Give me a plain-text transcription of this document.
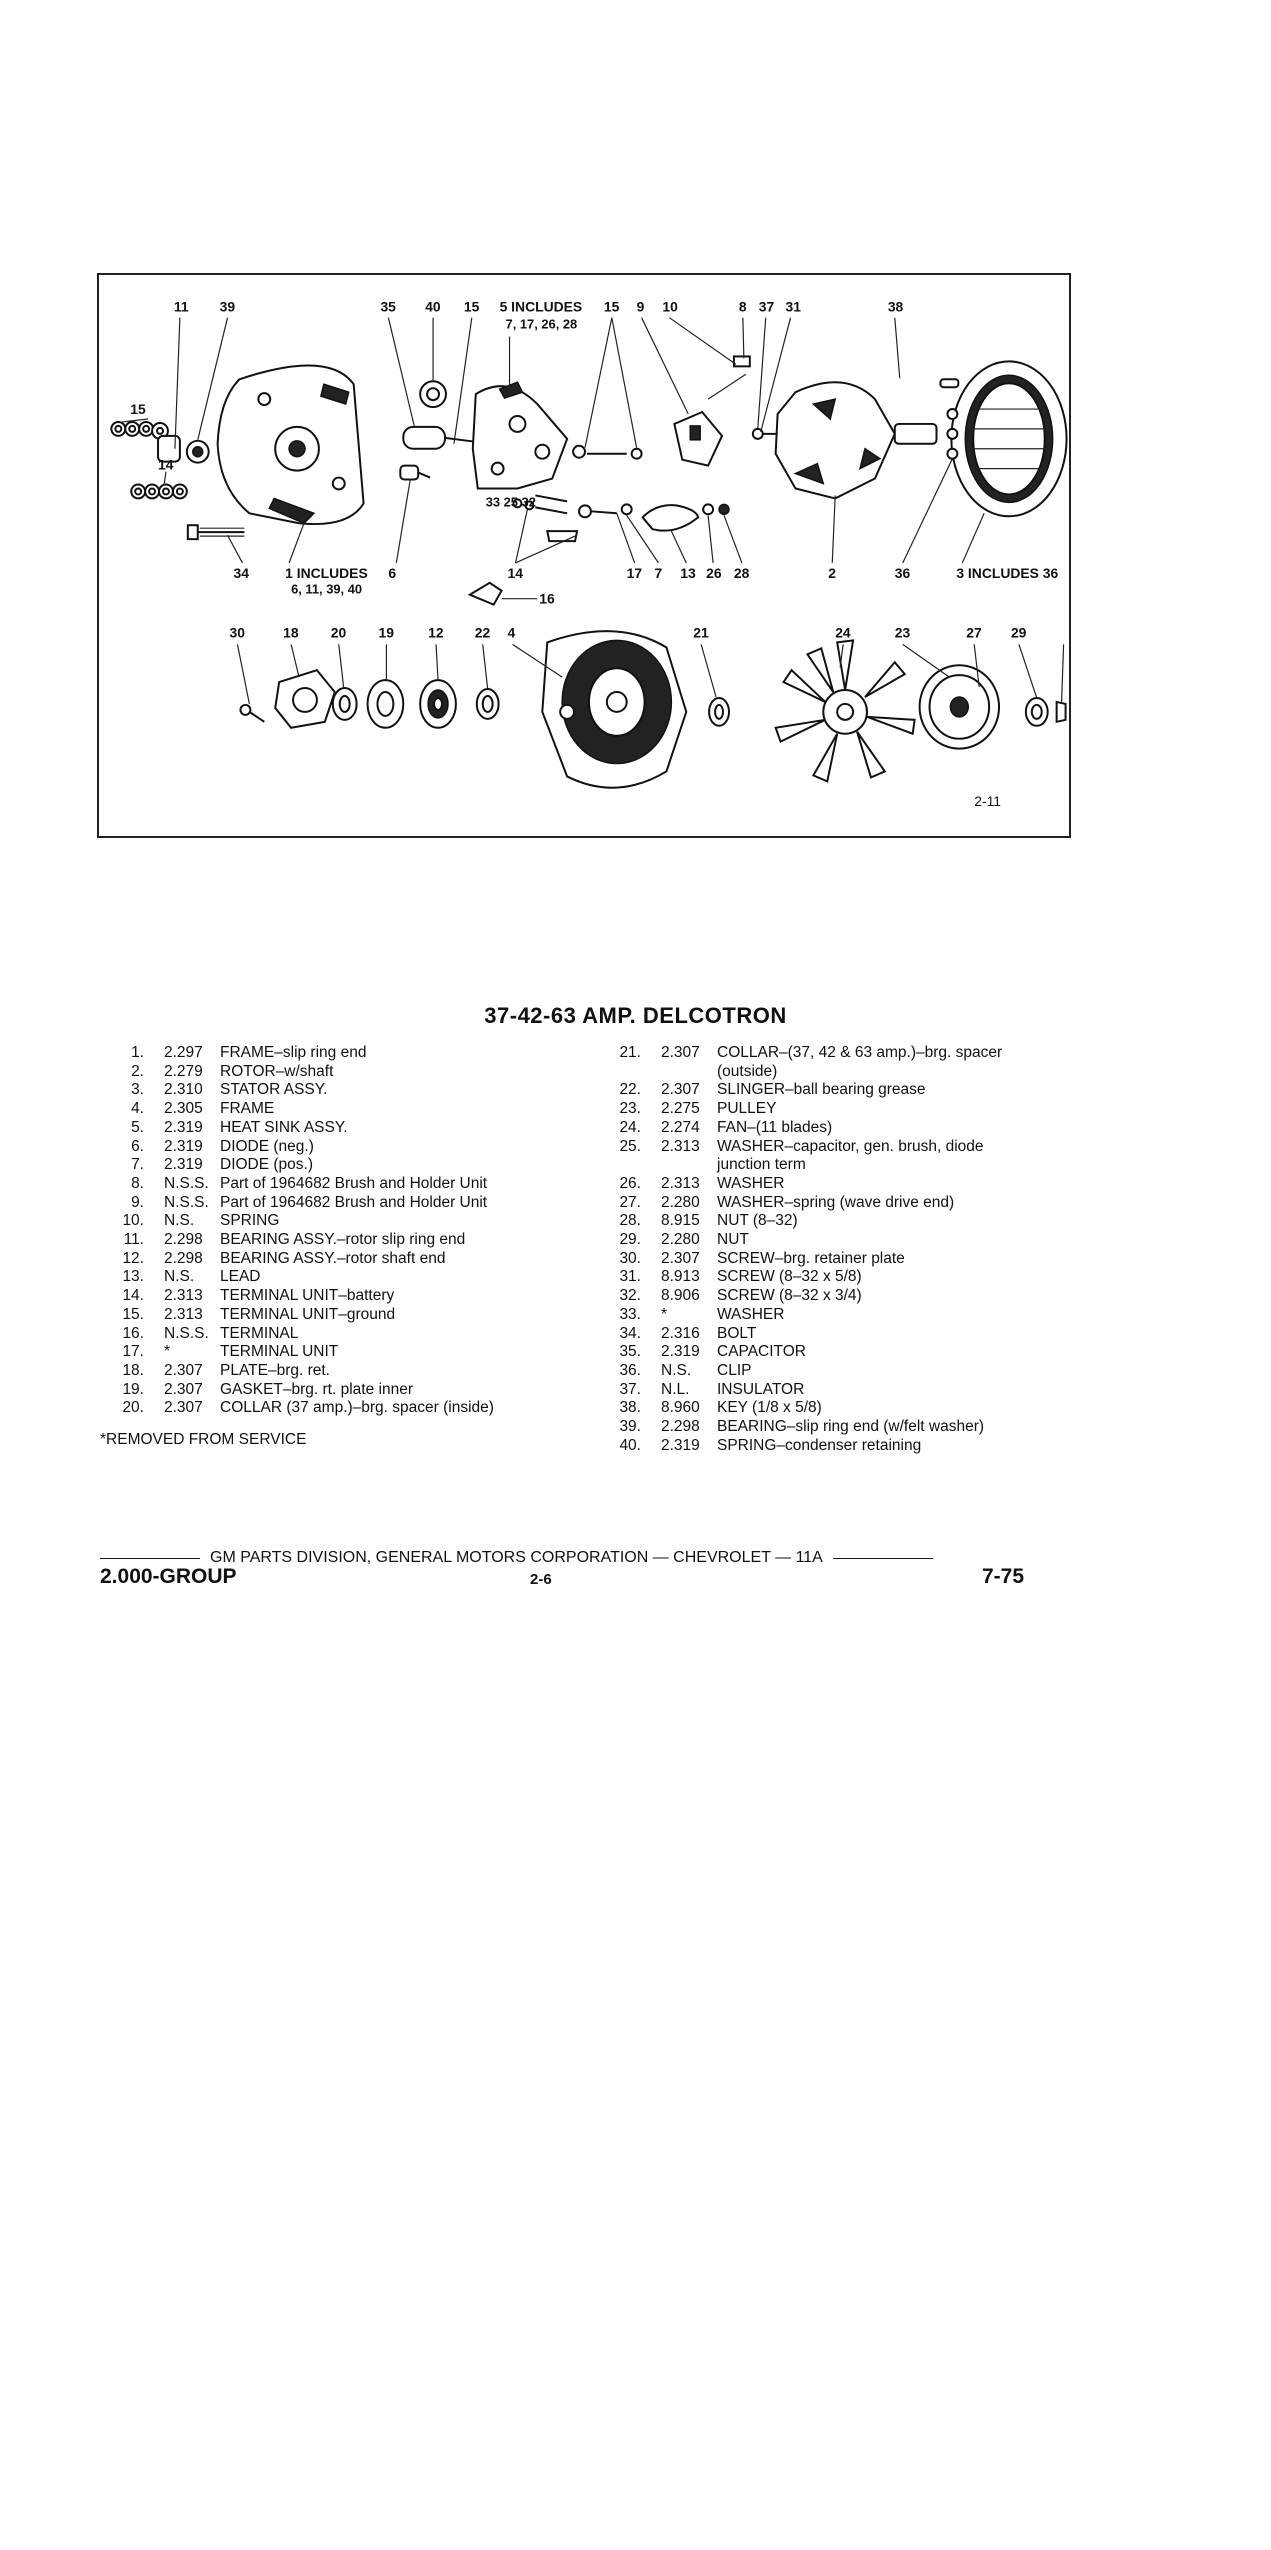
11 39	35 40 15 5 INCLUDES
7, 17, 26, 28
15 9 10	8 37 31	38
15
14
33 25 32
34	1 INCLUDES
6, 11, 39, 40
6	14
16
17 7 13 26 28	2	36	3 INCLUDES 36
30	18 20 19 12 22 4	21	24	23	27 29
2-11
37-42-63 AMP. DELCOTRON
1.	2.297	FRAME–slip ring end
2.	2.279	ROTOR–w/shaft
3.	2.310	STATOR ASSY.
4.	2.305	FRAME
5.	2.319	HEAT SINK ASSY.
6.	2.319	DIODE (neg.)
7.	2.319	DIODE (pos.)
8.	N.S.S. Part of 1964682 Brush and Holder Unit
9.	N.S.S. Part of 1964682 Brush and Holder Unit
10.	N.S.	SPRING
11.	2.298	BEARING ASSY.–rotor slip ring end
12.	2.298	BEARING ASSY.–rotor shaft end
13.	N.S.	LEAD
14.	2.313	TERMINAL UNIT–battery
15.	2.313	TERMINAL UNIT–ground
16.	N.S.S. TERMINAL
17.	*	TERMINAL UNIT
18.	2.307	PLATE–brg. ret.
19.	2.307	GASKET–brg. rt. plate inner
20.	2.307	COLLAR (37 amp.)–brg. spacer (inside)
21.	2.307	COLLAR–(37, 42 & 63 amp.)–brg. spacer
(outside)
22.	2.307	SLINGER–ball bearing grease
23.	2.275	PULLEY
24.	2.274	FAN–(11 blades)
25.	2.313	WASHER–capacitor, gen. brush, diode
junction term
26.	2.313	WASHER
27.	2.280	WASHER–spring (wave drive end)
28.	8.915	NUT (8–32)
29.	2.280	NUT
30.	2.307	SCREW–brg. retainer plate
31.	8.913	SCREW (8–32 x 5/8)
32.	8.906	SCREW (8–32 x 3/4)
33.	*	WASHER
34.	2.316	BOLT
35.	2.319	CAPACITOR
36.	N.S.	CLIP
37.	N.L.	INSULATOR
38.	8.960	KEY (1/8 x 5/8)
39.	2.298	BEARING–slip ring end (w/felt washer)
40.	2.319	SPRING–condenser retaining
*REMOVED FROM SERVICE
GM PARTS DIVISION, GENERAL MOTORS CORPORATION — CHEVROLET — 11A
2.000-GROUP	2-6	7-75
